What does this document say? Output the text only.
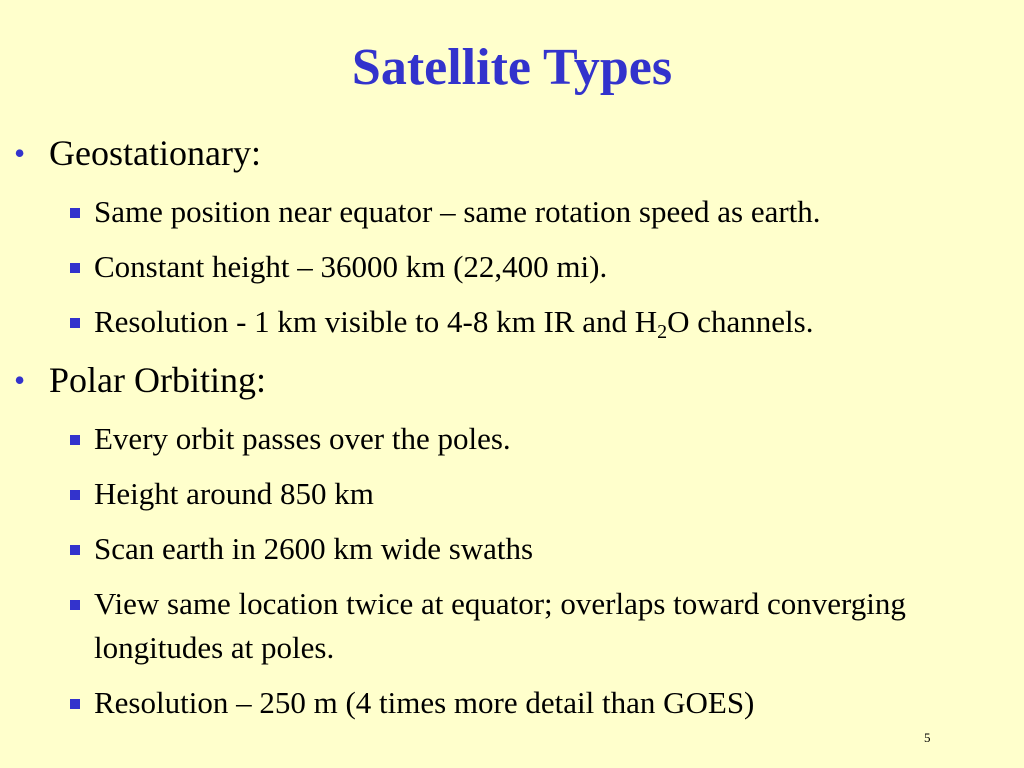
Satellite Types
• Geostationary:
Same position near equator – same rotation speed as earth.
Constant height – 36000 km (22,400 mi).
Resolution - 1 km visible to 4-8 km IR and $H_2O$ channels.
• Polar Orbiting:
Every orbit passes over the poles.
Height around 850 km
Scan earth in 2600 km wide swaths
View same location twice at equator; overlaps toward converging longitudes at poles.
Resolution – 250 m (4 times more detail than GOES)
5
